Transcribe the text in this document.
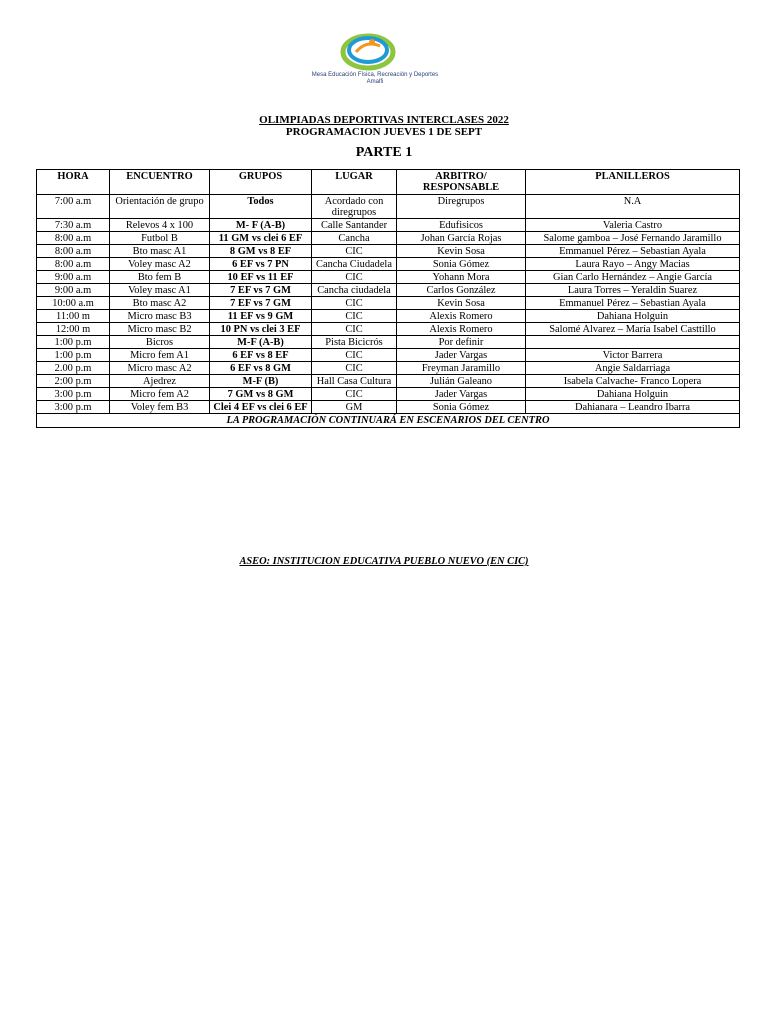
Mesa Educación Física, Recreación y Deportes
Amalfi
OLIMPIADAS DEPORTIVAS INTERCLASES 2022
PROGRAMACION JUEVES 1 DE SEPT
PARTE 1
HORA	ENCUENTRO	GRUPOS	LUGAR	ARBITRO/ RESPONSABLE	PLANILLEROS
7:00 a.m	Orientación de grupo	Todos	Acordado con diregrupos	Diregrupos	N.A
7:30 a.m	Relevos 4 x 100	M- F (A-B)	Calle Santander	Edufisicos	Valeria Castro
8:00 a.m	Futbol B	11 GM vs clei 6 EF	Cancha	Johan García Rojas	Salome gamboa – José Fernando Jaramillo
8:00 a.m	Bto masc A1	8 GM vs 8 EF	CIC	Kevin Sosa	Emmanuel Pérez – Sebastian Ayala
8:00 a.m	Voley masc A2	6 EF vs 7 PN	Cancha Ciudadela	Sonia Gómez	Laura Rayo – Angy Macias
9:00 a.m	Bto fem B	10 EF vs 11 EF	CIC	Yohann Mora	Gian Carlo Hernández – Angie García
9:00 a.m	Voley masc A1	7 EF vs 7 GM	Cancha ciudadela	Carlos González	Laura Torres – Yeraldin Suarez
10:00 a.m	Bto masc A2	7 EF vs 7 GM	CIC	Kevin Sosa	Emmanuel Pérez – Sebastian Ayala
11:00 m	Micro masc B3	11 EF vs 9 GM	CIC	Alexis Romero	Dahiana Holguin
12:00 m	Micro masc B2	10 PN vs clei 3 EF	CIC	Alexis Romero	Salomé Alvarez – María Isabel Casttillo
1:00 p.m	Bicros	M-F (A-B)	Pista Bicicrós	Por definir	
1:00 p.m	Micro fem A1	6 EF vs 8 EF	CIC	Jader Vargas	Victor Barrera
2.00 p.m	Micro masc A2	6 EF vs 8 GM	CIC	Freyman Jaramillo	Angie Saldarriaga
2:00 p.m	Ajedrez	M-F (B)	Hall Casa Cultura	Julián Galeano	Isabela Calvache- Franco Lopera
3:00 p.m	Micro fem A2	7 GM vs 8 GM	CIC	Jader Vargas	Dahiana Holguin
3:00 p.m	Voley fem B3	Clei 4 EF vs clei 6 EF	GM	Sonia Gómez	Dahianara – Leandro Ibarra
LA PROGRAMACIÓN CONTINUARÁ EN ESCENARIOS DEL CENTRO					
ASEO: INSTITUCION EDUCATIVA PUEBLO NUEVO (EN CIC)
